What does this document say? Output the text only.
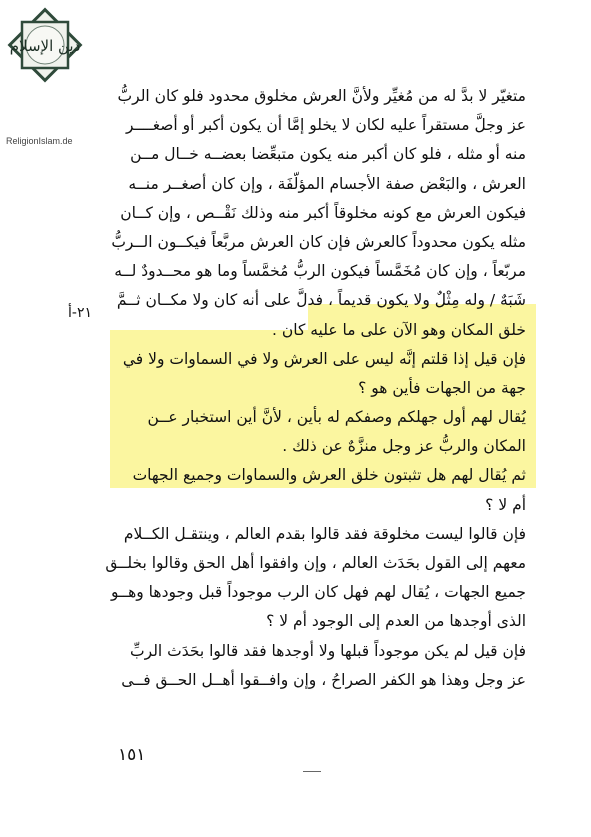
دين الإسلام
ReligionIslam.de
٢١-أ
متغيّر لا بدَّ له من مُغيِّر ولأنَّ العرش مخلوق محدود فلو كان الربُّ
عز وجلَّ مستقراً عليه لكان لا يخلو إمَّا أن يكون أكبر أو أصغــــر
منه أو مثله ، فلو كان أكبر منه يكون متبعِّضا بعضــه خــال مــن
العرش ، والبَعْض صفة الأجسام المؤلّفَة ، وإن كان أصغــر منــه
فيكون العرش مع كونه مخلوقاً أكبر منه وذلك نَقْــص ، وإن كــان
مثله يكون محدوداً كالعرش فإن كان العرش مربَّعاً فيكــون الــربُّ
مربّعاً ، وإن كان مُخَمَّساً فيكون الربُّ مُخمَّساً وما هو محــدودٌ لــه
شَبَهٌ / وله مِثْلٌ ولا يكون قديماً ، فدلَّ على أنه كان ولا مكــان ثــمَّ
خلق المكان وهو الآن على ما عليه كان .
فإن قيل إذا قلتم إنَّه ليس على العرش ولا في السماوات ولا في
جهة من الجهات فأين هو ؟
يُقال لهم أول جهلكم وصفكم له بأين ، لأنَّ أين استخبار عــن
المكان والربُّ عز وجل منزَّهٌ عن ذلك .
ثم يُقال لهم هل تثبتون خلق العرش والسماوات وجميع الجهات
أم لا ؟
فإن قالوا ليست مخلوقة فقد قالوا بقدم العالم ، وينتقـل الكــلام
معهم إلى القول بحَدَث العالم ، وإن وافقوا أهل الحق وقالوا بخلــق
جميع الجهات ، يُقال لهم فهل كان الرب موجوداً قبل وجودها وهــو
الذى أوجدها من العدم إلى الوجود أم لا ؟
فإن قيل لم يكن موجوداً قبلها ولا أوجدها فقد قالوا بحَدَث الربِّ
عز وجل وهذا هو الكفر الصراحُ ، وإن وافــقوا أهــل الحــق فــى
١٥١
